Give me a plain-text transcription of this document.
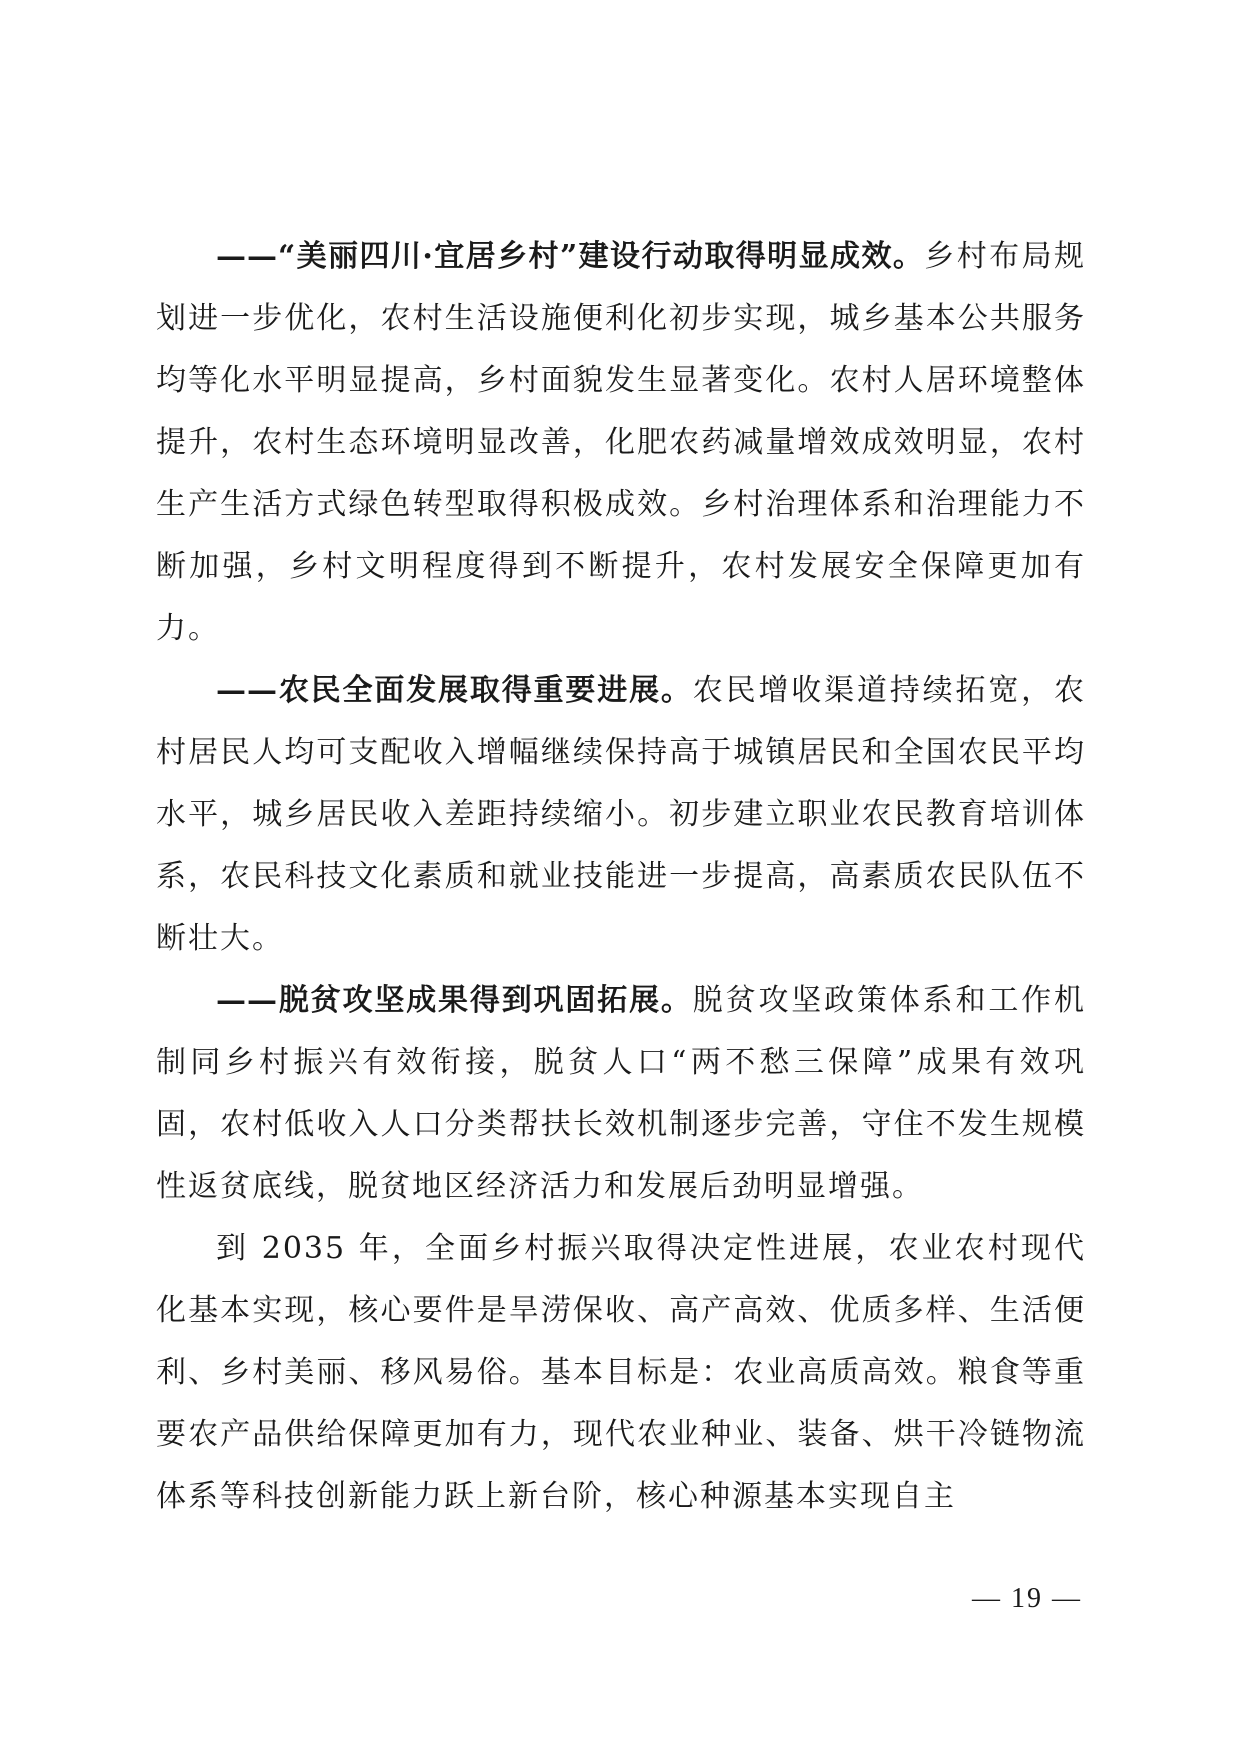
——“美丽四川·宜居乡村”建设行动取得明显成效。乡村布局规划进一步优化，农村生活设施便利化初步实现，城乡基本公共服务均等化水平明显提高，乡村面貌发生显著变化。农村人居环境整体提升，农村生态环境明显改善，化肥农药减量增效成效明显，农村生产生活方式绿色转型取得积极成效。乡村治理体系和治理能力不断加强，乡村文明程度得到不断提升，农村发展安全保障更加有力。

——农民全面发展取得重要进展。农民增收渠道持续拓宽，农村居民人均可支配收入增幅继续保持高于城镇居民和全国农民平均水平，城乡居民收入差距持续缩小。初步建立职业农民教育培训体系，农民科技文化素质和就业技能进一步提高，高素质农民队伍不断壮大。

——脱贫攻坚成果得到巩固拓展。脱贫攻坚政策体系和工作机制同乡村振兴有效衔接，脱贫人口“两不愁三保障”成果有效巩固，农村低收入人口分类帮扶长效机制逐步完善，守住不发生规模性返贫底线，脱贫地区经济活力和发展后劲明显增强。

到 2035 年，全面乡村振兴取得决定性进展，农业农村现代化基本实现，核心要件是旱涝保收、高产高效、优质多样、生活便利、乡村美丽、移风易俗。基本目标是：农业高质高效。粮食等重要农产品供给保障更加有力，现代农业种业、装备、烘干冷链物流体系等科技创新能力跃上新台阶，核心种源基本实现自主

— 19 —
